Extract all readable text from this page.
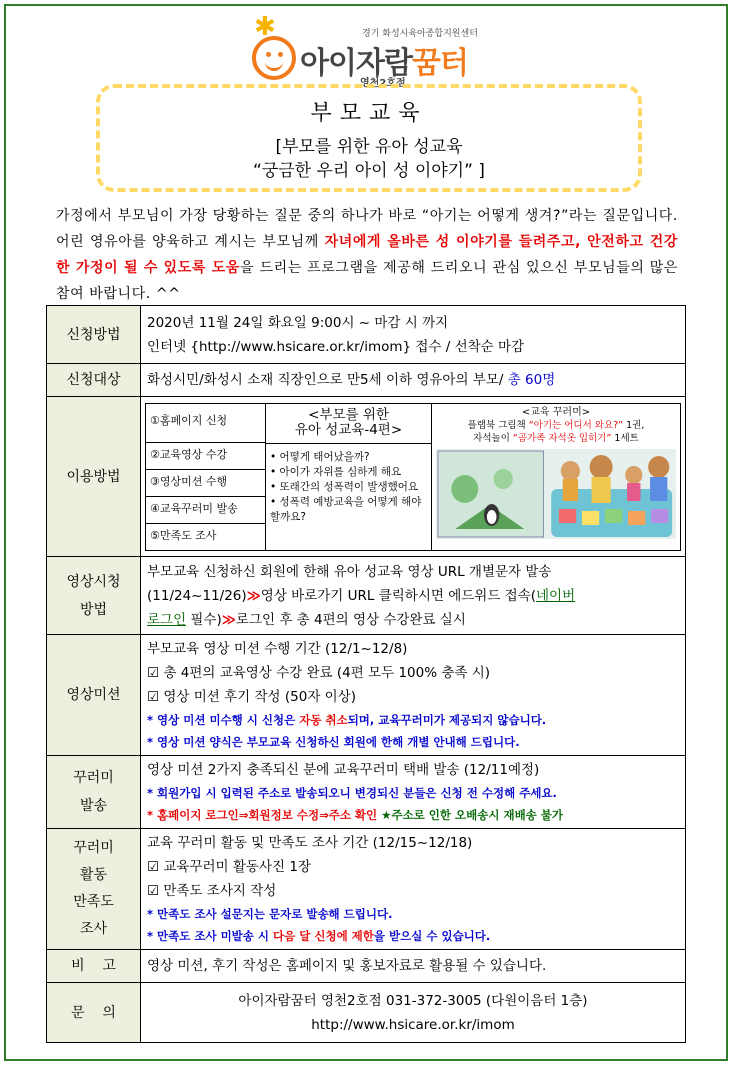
✱	경기 화성시육아종합지원센터
아이자람꿈터
영천2호점
부모교육
[부모를 위한 유아 성교육
“궁금한 우리 아이 성 이야기” ]
가정에서 부모님이 가장 당황하는 질문 중의 하나가 바로 “아기는 어떻게 생겨?”라는 질문입니다. 어린 영유아를 양육하고 계시는 부모님께 자녀에게 올바른 성 이야기를 들려주고, 안전하고 건강한 가정이 될 수 있도록 도움을 드리는 프로그램을 제공해 드리오니 관심 있으신 부모님들의 많은 참여 바랍니다. ^^
신청방법	
2020년 11월 24일 화요일 9:00시 ~ 마감 시 까지
인터넷 {http://www.hsicare.or.kr/imom} 접수 / 선착순 마감

신청대상	화성시민/화성시 소재 직장인으로 만5세 이하 영유아의 부모/ 총 60명
이용방법	
①홈페이지 신청
②교육영상 수강
③영상미션 수행
④교육꾸러미 발송
⑤만족도 조사

<부모를 위한
유아 성교육-4편>

<교육 꾸러미>
플랩북 그림책 “아기는 어디서 와요?” 1권,
자석놀이 “곰가족 자석옷 입히기” 1세트

• 어떻게 태어났을까?
• 아이가 자위를 심하게 해요
• 또래간의 성폭력이 발생했어요
• 성폭력 예방교육을 어떻게 해야 할까요?

영상시청
방법

부모교육 신청하신 회원에 한해 유아 성교육 영상 URL 개별문자 발송
(11/24~11/26)≫영상 바로가기 URL 클릭하시면 에드위드 접속(네이버
로그인 필수)≫로그인 후 총 4편의 영상 수강완료 실시

영상미션	
부모교육 영상 미션 수행 기간 (12/1~12/8)
☑ 총 4편의 교육영상 수강 완료 (4편 모두 100% 충족 시)
☑ 영상 미션 후기 작성 (50자 이상)
* 영상 미션 미수행 시 신청은 자동 취소되며, 교육꾸러미가 제공되지 않습니다.
* 영상 미션 양식은 부모교육 신청하신 회원에 한해 개별 안내해 드립니다.

꾸러미
발송

영상 미션 2가지 충족되신 분에 교육꾸러미 택배 발송 (12/11예정)
* 회원가입 시 입력된 주소로 발송되오니 변경되신 분들은 신청 전 수정해 주세요.
* 홈페이지 로그인⇒회원정보 수정⇒주소 확인 ★주소로 인한 오배송시 재배송 불가

꾸러미
활동
만족도
조사

교육 꾸러미 활동 및 만족도 조사 기간 (12/15~12/18)
☑ 교육꾸러미 활동사진 1장
☑ 만족도 조사지 작성
* 만족도 조사 설문지는 문자로 발송해 드립니다.
* 만족도 조사 미발송 시 다음 달 신청에 제한을 받으실 수 있습니다.

비    고	영상 미션, 후기 작성은 홈페이지 및 홍보자료로 활용될 수 있습니다.
문    의	
아이자람꿈터 영천2호점 031-372-3005 (다원이음터 1층)
http://www.hsicare.or.kr/imom
